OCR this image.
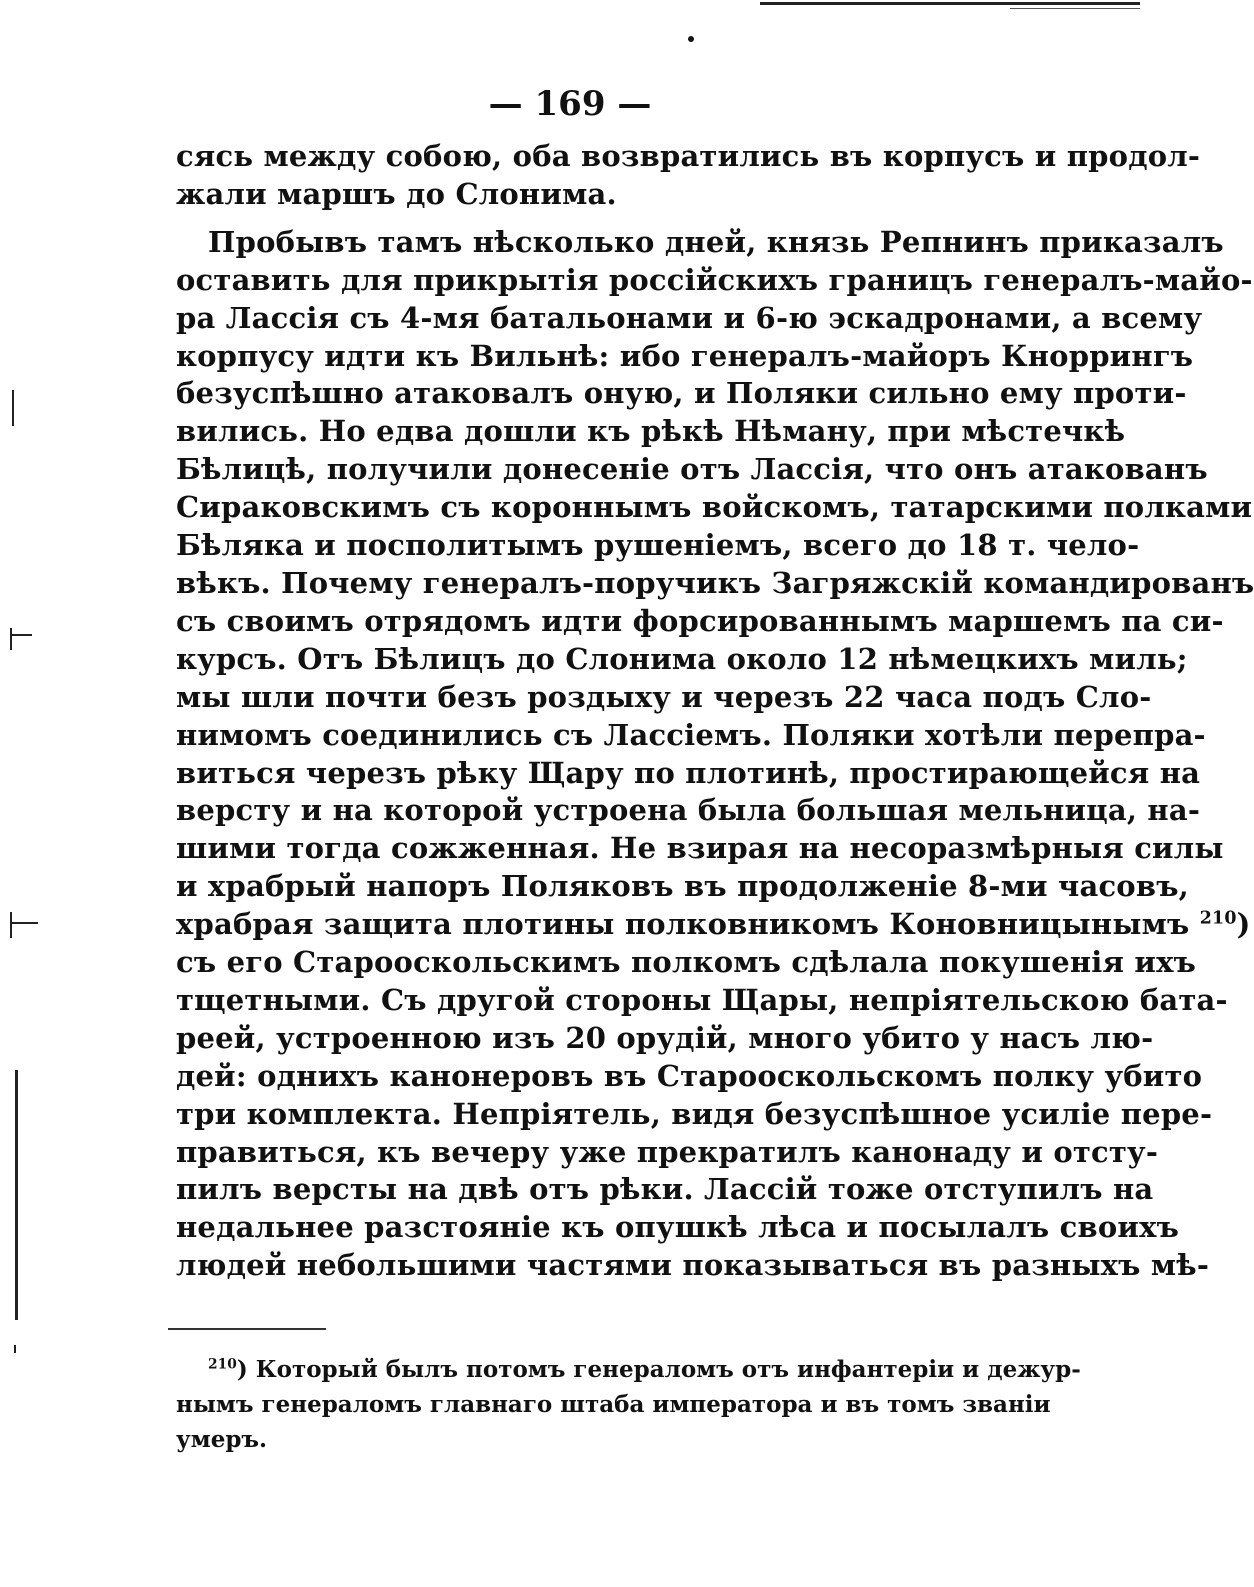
— 169 —
сясь между собою, оба возвратились въ корпусъ и продол-
жали маршъ до Слонима.
Пробывъ тамъ нѣсколько дней, князь Репнинъ приказалъ
оставить для прикрытія россійскихъ границъ генералъ-майо-
ра Лассія съ 4-мя батальонами и 6-ю эскадронами, а всему
корпусу идти къ Вильнѣ: ибо генералъ-майоръ Кноррингъ
безуспѣшно атаковалъ оную, и Поляки сильно ему проти-
вились. Но едва дошли къ рѣкѣ Нѣману, при мѣстечкѣ
Бѣлицѣ, получили донесеніе отъ Лассія, что онъ атакованъ
Сираковскимъ съ короннымъ войскомъ, татарскими полками
Бѣляка и посполитымъ рушеніемъ, всего до 18 т. чело-
вѣкъ. Почему генералъ-поручикъ Загряжскій командированъ
съ своимъ отрядомъ идти форсированнымъ маршемъ па си-
курсъ. Отъ Бѣлицъ до Слонима около 12 нѣмецкихъ миль;
мы шли почти безъ роздыху и черезъ 22 часа подъ Сло-
нимомъ соединились съ Лассіемъ. Поляки хотѣли перепра-
виться черезъ рѣку Щару по плотинѣ, простирающейся на
версту и на которой устроена была большая мельница, на-
шими тогда сожженная. Не взирая на несоразмѣрныя силы
и храбрый напоръ Поляковъ въ продолженіе 8-ми часовъ,
храбрая защита плотины полковникомъ Коновницынымъ $^{210}$)
съ его Старооскольскимъ полкомъ сдѣлала покушенія ихъ
тщетными. Съ другой стороны Щары, непріятельскою бата-
реей, устроенною изъ 20 орудій, много убито у насъ лю-
дей: однихъ канонеровъ въ Старооскольскомъ полку убито
три комплекта. Непріятель, видя безуспѣшное усиліе пере-
правиться, къ вечеру уже прекратилъ канонаду и отсту-
пилъ версты на двѣ отъ рѣки. Лассій тоже отступилъ на
недальнее разстояніе къ опушкѣ лѣса и посылалъ своихъ
людей небольшими частями показываться въ разныхъ мѣ-
$^{210}$) Который былъ потомъ генераломъ отъ инфантеріи и дежур-
нымъ генераломъ главнаго штаба императора и въ томъ званіи
умеръ.
